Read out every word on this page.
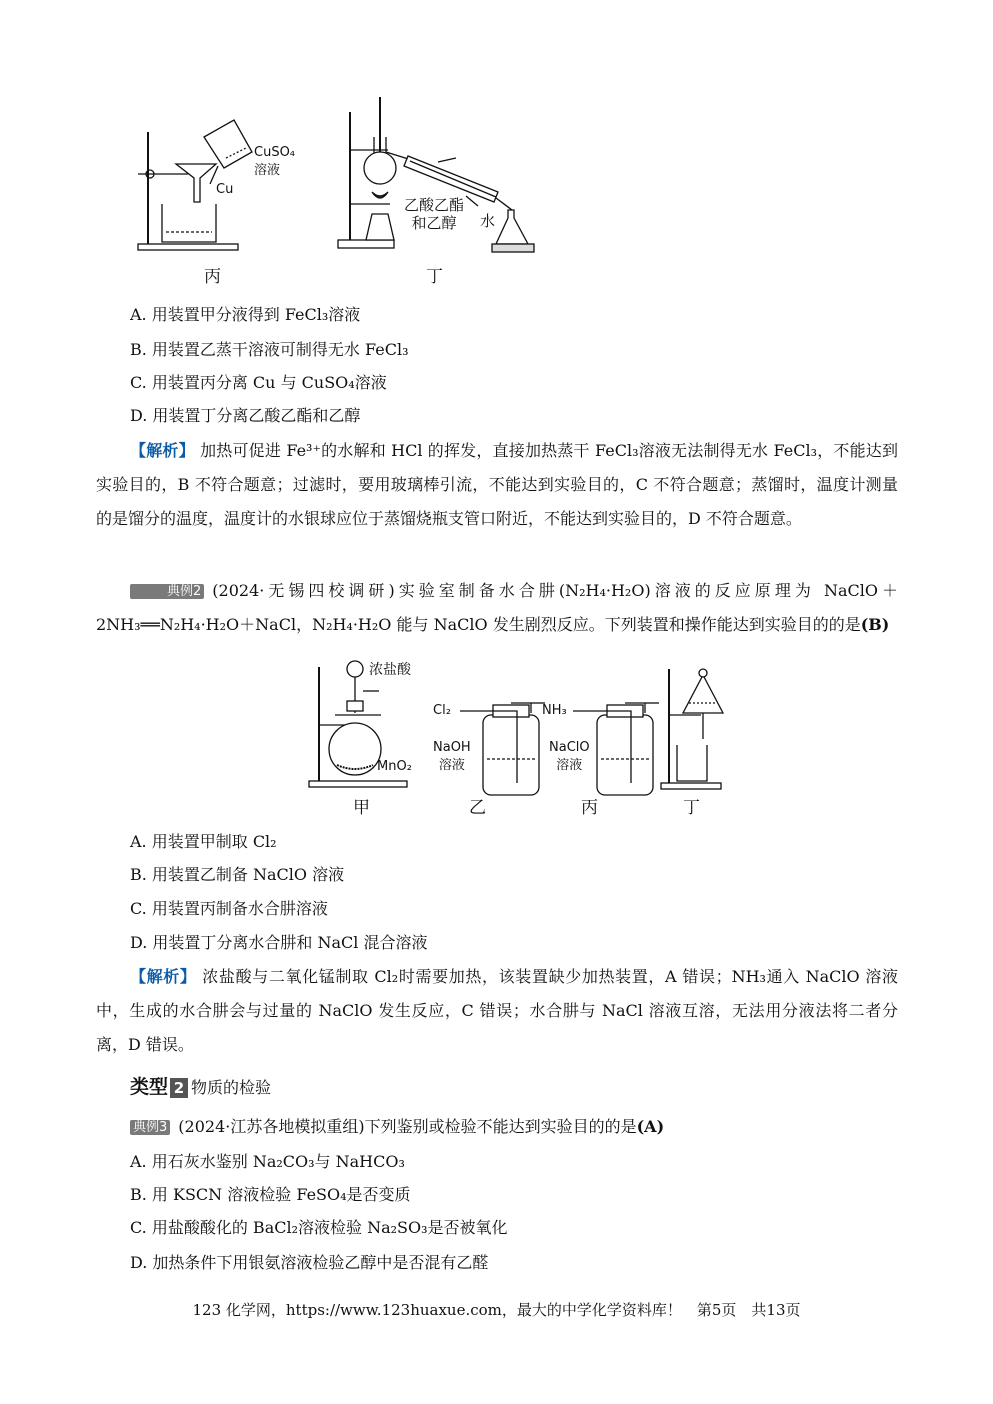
CuSO₄
溶液
Cu
丙
乙酸乙酯
和乙醇	水
丁
A. 用装置甲分液得到 FeCl₃溶液
B. 用装置乙蒸干溶液可制得无水 FeCl₃
C. 用装置丙分离 Cu 与 CuSO₄溶液
D. 用装置丁分离乙酸乙酯和乙醇

【解析】 加热可促进 Fe³⁺的水解和 HCl 的挥发，直接加热蒸干 FeCl₃溶液无法制得无水 FeCl₃，不能达到实验目的，B 不符合题意；过滤时，要用玻璃棒引流，不能达到实验目的，C 不符合题意；蒸馏时，温度计测量的是馏分的温度，温度计的水银球应位于蒸馏烧瓶支管口附近，不能达到实验目的，D 不符合题意。

典例2 (2024·无锡四校调研)实验室制备水合肼(N₂H₄·H₂O)溶液的反应原理为 NaClO＋2NH₃══N₂H₄·H₂O＋NaCl，N₂H₄·H₂O 能与 NaClO 发生剧烈反应。下列装置和操作能达到实验目的的是(B)

浓盐酸
MnO₂
Cl₂
NaOH
溶液
NH₃
NaClO
溶液
甲	乙	丙	丁
A. 用装置甲制取 Cl₂
B. 用装置乙制备 NaClO 溶液
C. 用装置丙制备水合肼溶液
D. 用装置丁分离水合肼和 NaCl 混合溶液

【解析】 浓盐酸与二氧化锰制取 Cl₂时需要加热，该装置缺少加热装置，A 错误；NH₃通入 NaClO 溶液中，生成的水合肼会与过量的 NaClO 发生反应，C 错误；水合肼与 NaCl 溶液互溶，无法用分液法将二者分离，D 错误。

类型 2 物质的检验
典例3 (2024·江苏各地模拟重组)下列鉴别或检验不能达到实验目的的是(A)
A. 用石灰水鉴别 Na₂CO₃与 NaHCO₃
B. 用 KSCN 溶液检验 FeSO₄是否变质
C. 用盐酸酸化的 BaCl₂溶液检验 Na₂SO₃是否被氧化
D. 加热条件下用银氨溶液检验乙醇中是否混有乙醛
123 化学网，https://www.123huaxue.com，最大的中学化学资料库！　第5页　共13页
